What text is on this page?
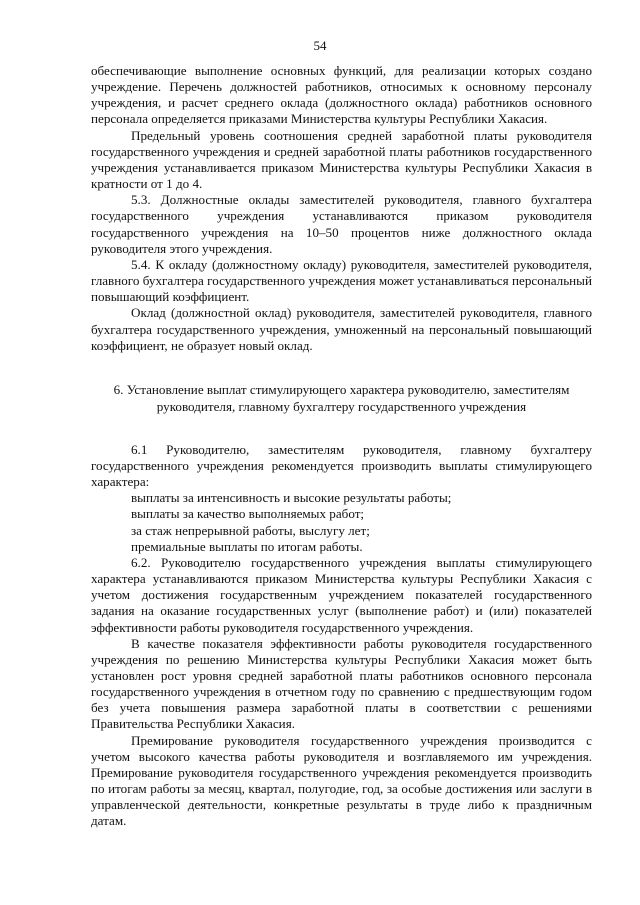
54

обеспечивающие выполнение основных функций, для реализации которых создано учреждение. Перечень должностей работников, относимых к основному персоналу учреждения, и расчет среднего оклада (должностного оклада) работников основного персонала определяется приказами Министерства культуры Республики Хакасия.

Предельный уровень соотношения средней заработной платы руководителя государственного учреждения и средней заработной платы работников государственного учреждения устанавливается приказом Министерства культуры Республики Хакасия в кратности от 1 до 4.

5.3. Должностные оклады заместителей руководителя, главного бухгалтера государственного учреждения устанавливаются приказом руководителя государственного учреждения на 10–50 процентов ниже должностного оклада руководителя этого учреждения.

5.4. К окладу (должностному окладу) руководителя, заместителей руководителя, главного бухгалтера государственного учреждения может устанавливаться персональный повышающий коэффициент.

Оклад (должностной оклад) руководителя, заместителей руководителя, главного бухгалтера государственного учреждения, умноженный на персональный повышающий коэффициент, не образует новый оклад.

6. Установление выплат стимулирующего характера руководителю, заместителям руководителя, главному бухгалтеру государственного учреждения

6.1 Руководителю, заместителям руководителя, главному бухгалтеру государственного учреждения рекомендуется производить выплаты стимулирующего характера:

выплаты за интенсивность и высокие результаты работы;

выплаты за качество выполняемых работ;

за стаж непрерывной работы, выслугу лет;

премиальные выплаты по итогам работы.

6.2. Руководителю государственного учреждения выплаты стимулирующего характера устанавливаются приказом Министерства культуры Республики Хакасия с учетом достижения государственным учреждением показателей государственного задания на оказание государственных услуг (выполнение работ) и (или) показателей эффективности работы руководителя государственного учреждения.

В качестве показателя эффективности работы руководителя государственного учреждения по решению Министерства культуры Республики Хакасия может быть установлен рост уровня средней заработной платы работников основного персонала государственного учреждения в отчетном году по сравнению с предшествующим годом без учета повышения размера заработной платы в соответствии с решениями Правительства Республики Хакасия.

Премирование руководителя государственного учреждения производится с учетом высокого качества работы руководителя и возглавляемого им учреждения. Премирование руководителя государственного учреждения рекомендуется производить по итогам работы за месяц, квартал, полугодие, год, за особые достижения или заслуги в управленческой деятельности, конкретные результаты в труде либо к праздничным датам.
